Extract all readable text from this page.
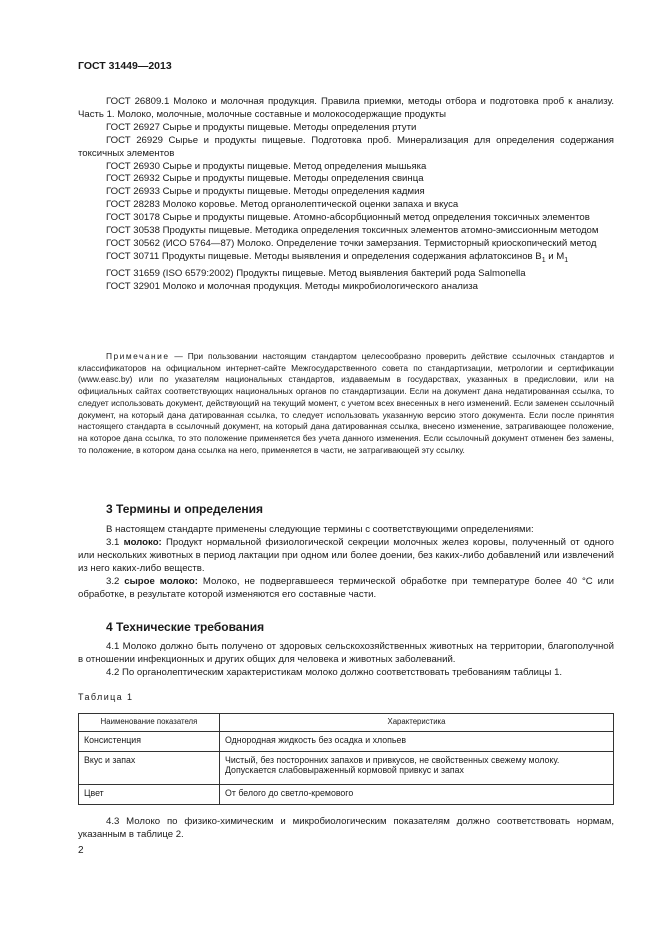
ГОСТ 31449—2013

ГОСТ 26809.1 Молоко и молочная продукция. Правила приемки, методы отбора и подготовка проб к анализу. Часть 1. Молоко, молочные, молочные составные и молокосодержащие продукты

ГОСТ 26927 Сырье и продукты пищевые. Методы определения ртути

ГОСТ 26929 Сырье и продукты пищевые. Подготовка проб. Минерализация для определения содержания токсичных элементов

ГОСТ 26930 Сырье и продукты пищевые. Метод определения мышьяка

ГОСТ 26932 Сырье и продукты пищевые. Методы определения свинца

ГОСТ 26933 Сырье и продукты пищевые. Методы определения кадмия

ГОСТ 28283 Молоко коровье. Метод органолептической оценки запаха и вкуса

ГОСТ 30178 Сырье и продукты пищевые. Атомно-абсорбционный метод определения токсичных элементов

ГОСТ 30538 Продукты пищевые. Методика определения токсичных элементов атомно-эмиссионным методом

ГОСТ 30562 (ИСО 5764—87) Молоко. Определение точки замерзания. Термисторный криоскопический метод

ГОСТ 30711 Продукты пищевые. Методы выявления и определения содержания афлатоксинов $B_1$ и $M_1$

ГОСТ 31659 (ISO 6579:2002) Продукты пищевые. Метод выявления бактерий рода Salmonella

ГОСТ 32901 Молоко и молочная продукция. Методы микробиологического анализа

Примечание — При пользовании настоящим стандартом целесообразно проверить действие ссылочных стандартов и классификаторов на официальном интернет-сайте Межгосударственного совета по стандартизации, метрологии и сертификации (www.easc.by) или по указателям национальных стандартов, издаваемым в государствах, указанных в предисловии, или на официальных сайтах соответствующих национальных органов по стандартизации. Если на документ дана недатированная ссылка, то следует использовать документ, действующий на текущий момент, с учетом всех внесенных в него изменений. Если заменен ссылочный документ, на который дана датированная ссылка, то следует использовать указанную версию этого документа. Если после принятия настоящего стандарта в ссылочный документ, на который дана датированная ссылка, внесено изменение, затрагивающее положение, на которое дана ссылка, то это положение применяется без учета данного изменения. Если ссылочный документ отменен без замены, то положение, в котором дана ссылка на него, применяется в части, не затрагивающей эту ссылку.

3 Термины и определения

В настоящем стандарте применены следующие термины с соответствующими определениями:

3.1 молоко: Продукт нормальной физиологической секреции молочных желез коровы, полученный от одного или нескольких животных в период лактации при одном или более доении, без каких-либо добавлений или извлечений из него каких-либо веществ.

3.2 сырое молоко: Молоко, не подвергавшееся термической обработке при температуре более 40 °С или обработке, в результате которой изменяются его составные части.

4 Технические требования

4.1 Молоко должно быть получено от здоровых сельскохозяйственных животных на территории, благополучной в отношении инфекционных и других общих для человека и животных заболеваний.

4.2 По органолептическим характеристикам молоко должно соответствовать требованиям таблицы 1.

Таблица 1
Наименование показателя	Характеристика
Консистенция	Однородная жидкость без осадка и хлопьев
Вкус и запах	Чистый, без посторонних запахов и привкусов, не свойственных свежему молоку.
Допускается слабовыраженный кормовой привкус и запах

Цвет	От белого до светло-кремового

4.3 Молоко по физико-химическим и микробиологическим показателям должно соответствовать нормам, указанным в таблице 2.

2
